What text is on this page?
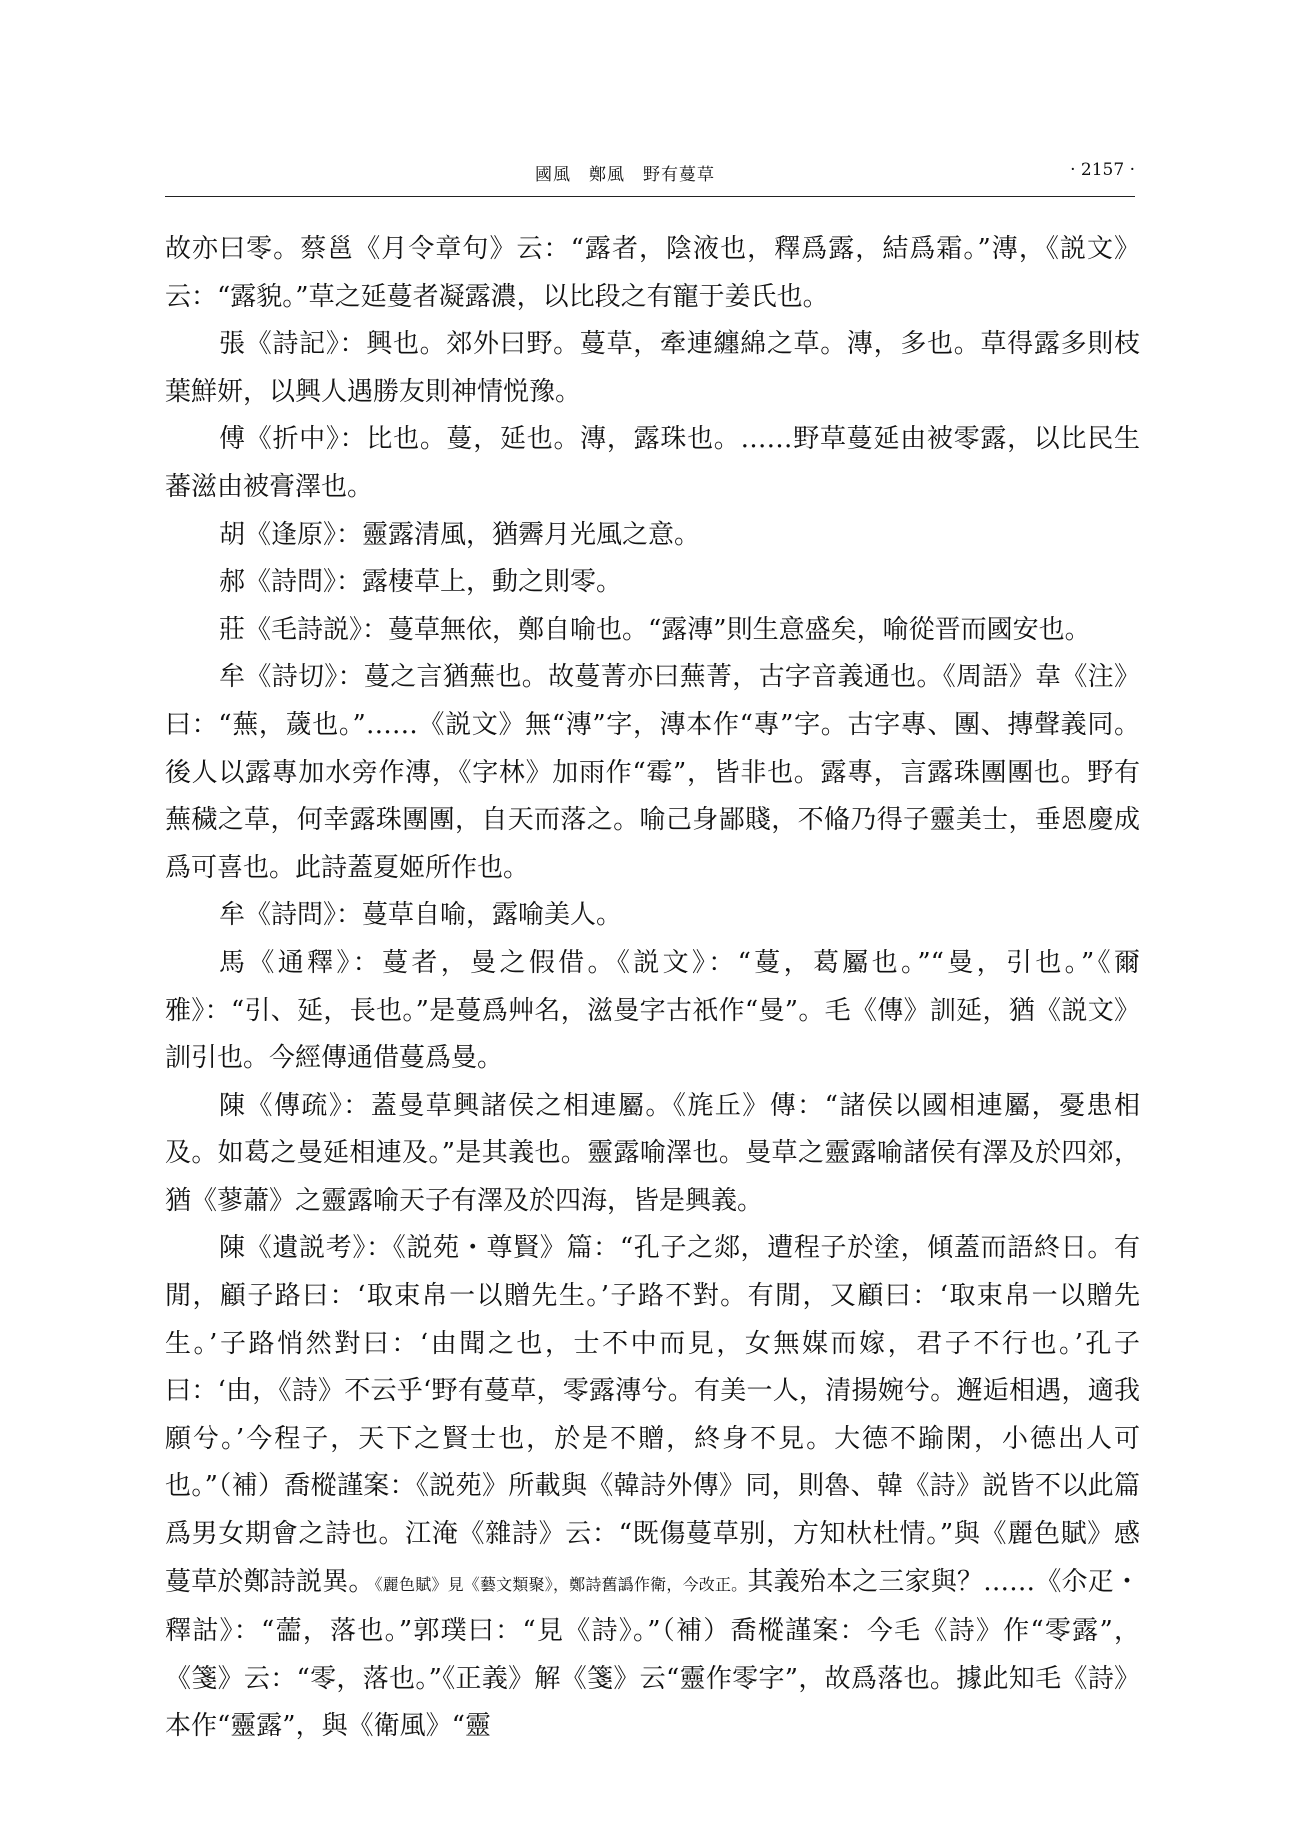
國風　鄭風　野有蔓草	· 2157 ·

故亦曰零。蔡邕《月令章句》云：“露者，陰液也，釋爲露，結爲霜。”漙，《説文》云：“露貌。”草之延蔓者凝露濃，以比段之有寵于姜氏也。

張《詩記》：興也。郊外曰野。蔓草，牽連纏綿之草。漙，多也。草得露多則枝葉鮮妍，以興人遇勝友則神情悦豫。

傅《折中》：比也。蔓，延也。漙，露珠也。……野草蔓延由被零露，以比民生蕃滋由被膏澤也。

胡《逢原》：靈露清風，猶霽月光風之意。

郝《詩問》：露棲草上，動之則零。

莊《毛詩説》：蔓草無依，鄭自喻也。“露漙”則生意盛矣，喻從晋而國安也。

牟《詩切》：蔓之言猶蕪也。故蔓菁亦曰蕪菁，古字音義通也。《周語》韋《注》曰：“蕪，薉也。”……《説文》無“漙”字，漙本作“專”字。古字專、團、摶聲義同。後人以露專加水旁作漙，《字林》加雨作“霉”，皆非也。露專，言露珠團團也。野有蕪穢之草，何幸露珠團團，自天而落之。喻己身鄙賤，不偹乃得子靈美士，垂恩慶成爲可喜也。此詩蓋夏姬所作也。

牟《詩問》：蔓草自喻，露喻美人。

馬《通釋》：蔓者，曼之假借。《説文》：“蔓，葛屬也。”“曼，引也。”《爾雅》：“引、延，長也。”是蔓爲艸名，滋曼字古祇作“曼”。毛《傳》訓延，猶《説文》訓引也。今經傳通借蔓爲曼。

陳《傳疏》：蓋曼草興諸侯之相連屬。《旄丘》傳：“諸侯以國相連屬，憂患相及。如葛之曼延相連及。”是其義也。靈露喻澤也。曼草之靈露喻諸侯有澤及於四郊，猶《蓼蕭》之靈露喻天子有澤及於四海，皆是興義。

陳《遺説考》：《説苑・尊賢》篇：“孔子之郯，遭程子於塗，傾蓋而語終日。有閒，顧子路曰：‘取束帛一以贈先生。’子路不對。有閒，又顧曰：‘取束帛一以贈先生。’子路悄然對曰：‘由聞之也，士不中而見，女無媒而嫁，君子不行也。’孔子曰：‘由，《詩》不云乎‘野有蔓草，零露漙兮。有美一人，清揚婉兮。邂逅相遇，適我願兮。’今程子，天下之賢士也，於是不贈，終身不見。大德不踰閑，小德出人可也。”（補）喬樅謹案：《説苑》所載與《韓詩外傳》同，則魯、韓《詩》説皆不以此篇爲男女期會之詩也。江淹《雜詩》云：“既傷蔓草别，方知杕杜情。”與《麗色賦》感蔓草於鄭詩説異。《麗色賦》見《藝文類聚》，鄭詩舊譌作衛，今改正。其義殆本之三家與？……《尒疋・釋詁》：“蘦，落也。”郭璞曰：“見《詩》。”（補）喬樅謹案：今毛《詩》作“零露”，《箋》云：“零，落也。”《正義》解《箋》云“靈作零字”，故爲落也。據此知毛《詩》本作“靈露”，與《衛風》“靈
